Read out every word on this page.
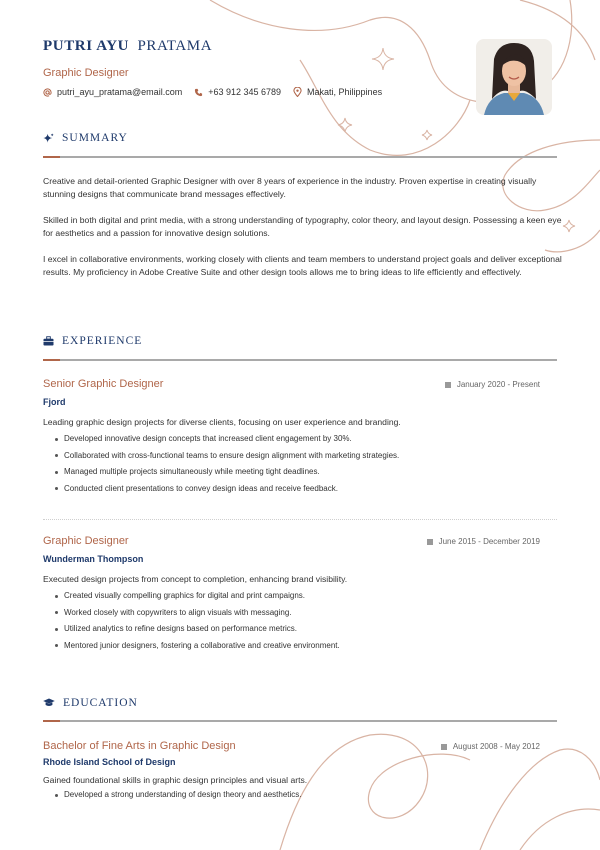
PUTRI AYU PRATAMA
Graphic Designer
putri_ayu_pratama@email.com	+63 912 345 6789	Makati, Philippines
SUMMARY
Creative and detail-oriented Graphic Designer with over 8 years of experience in the industry. Proven expertise in creating visually stunning designs that communicate brand messages effectively.
Skilled in both digital and print media, with a strong understanding of typography, color theory, and layout design. Possessing a keen eye for aesthetics and a passion for innovative design solutions.
I excel in collaborative environments, working closely with clients and team members to understand project goals and deliver exceptional results. My proficiency in Adobe Creative Suite and other design tools allows me to bring ideas to life efficiently and effectively.
EXPERIENCE
Senior Graphic Designer	January 2020 - Present
Fjord
Leading graphic design projects for diverse clients, focusing on user experience and branding.
Developed innovative design concepts that increased client engagement by 30%.
Collaborated with cross-functional teams to ensure design alignment with marketing strategies.
Managed multiple projects simultaneously while meeting tight deadlines.
Conducted client presentations to convey design ideas and receive feedback.
Graphic Designer	June 2015 - December 2019
Wunderman Thompson
Executed design projects from concept to completion, enhancing brand visibility.
Created visually compelling graphics for digital and print campaigns.
Worked closely with copywriters to align visuals with messaging.
Utilized analytics to refine designs based on performance metrics.
Mentored junior designers, fostering a collaborative and creative environment.
EDUCATION
Bachelor of Fine Arts in Graphic Design	August 2008 - May 2012
Rhode Island School of Design
Gained foundational skills in graphic design principles and visual arts.
Developed a strong understanding of design theory and aesthetics.
